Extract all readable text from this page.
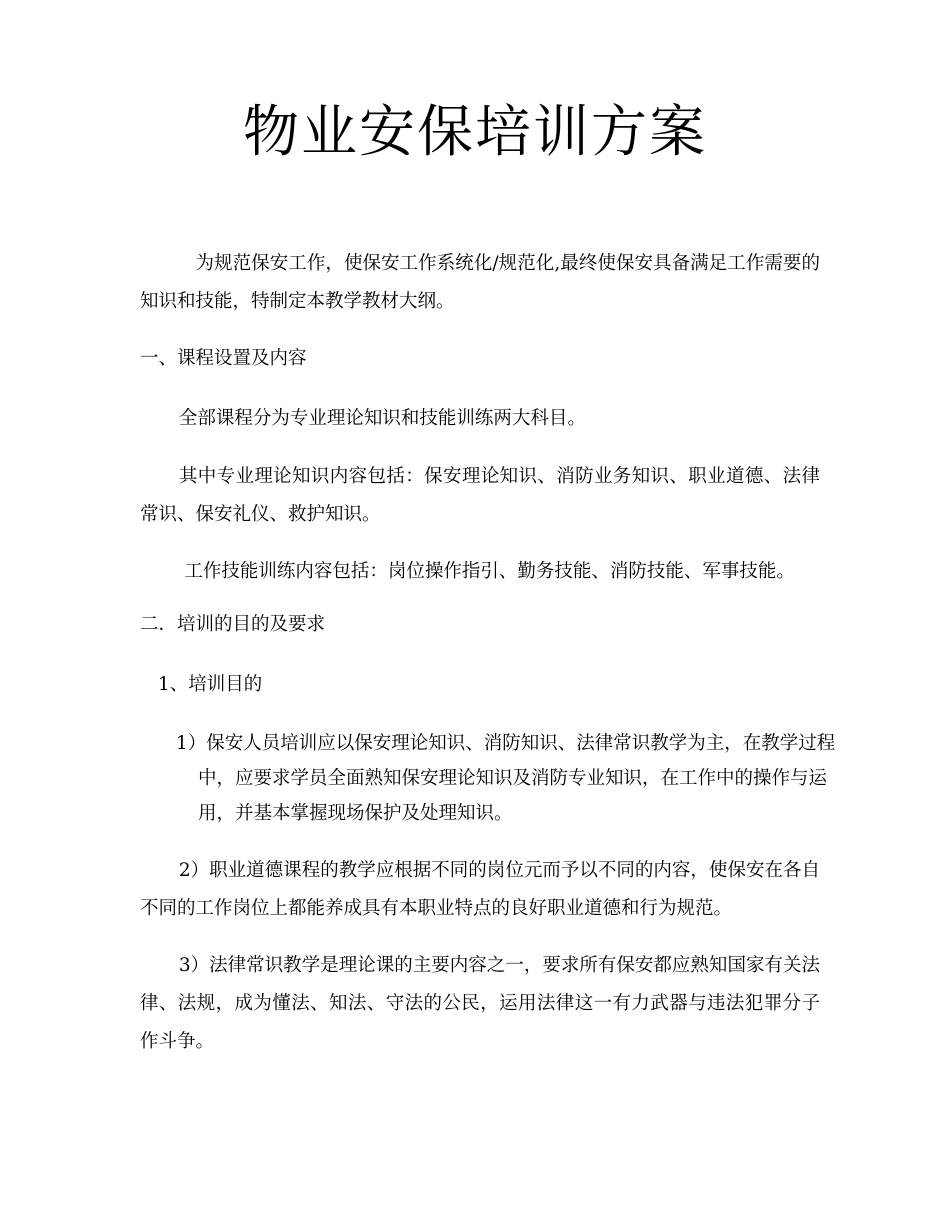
物业安保培训方案

为规范保安工作，使保安工作系统化/规范化,最终使保安具备满足工作需要的知识和技能，特制定本教学教材大纲。

一、课程设置及内容

全部课程分为专业理论知识和技能训练两大科目。

其中专业理论知识内容包括：保安理论知识、消防业务知识、职业道德、法律常识、保安礼仪、救护知识。

工作技能训练内容包括：岗位操作指引、勤务技能、消防技能、军事技能。

二．培训的目的及要求

1、培训目的

1）保安人员培训应以保安理论知识、消防知识、法律常识教学为主，在教学过程中，应要求学员全面熟知保安理论知识及消防专业知识，在工作中的操作与运用，并基本掌握现场保护及处理知识。

2）职业道德课程的教学应根据不同的岗位元而予以不同的内容，使保安在各自不同的工作岗位上都能养成具有本职业特点的良好职业道德和行为规范。

3）法律常识教学是理论课的主要内容之一，要求所有保安都应熟知国家有关法律、法规，成为懂法、知法、守法的公民，运用法律这一有力武器与违法犯罪分子作斗争。
